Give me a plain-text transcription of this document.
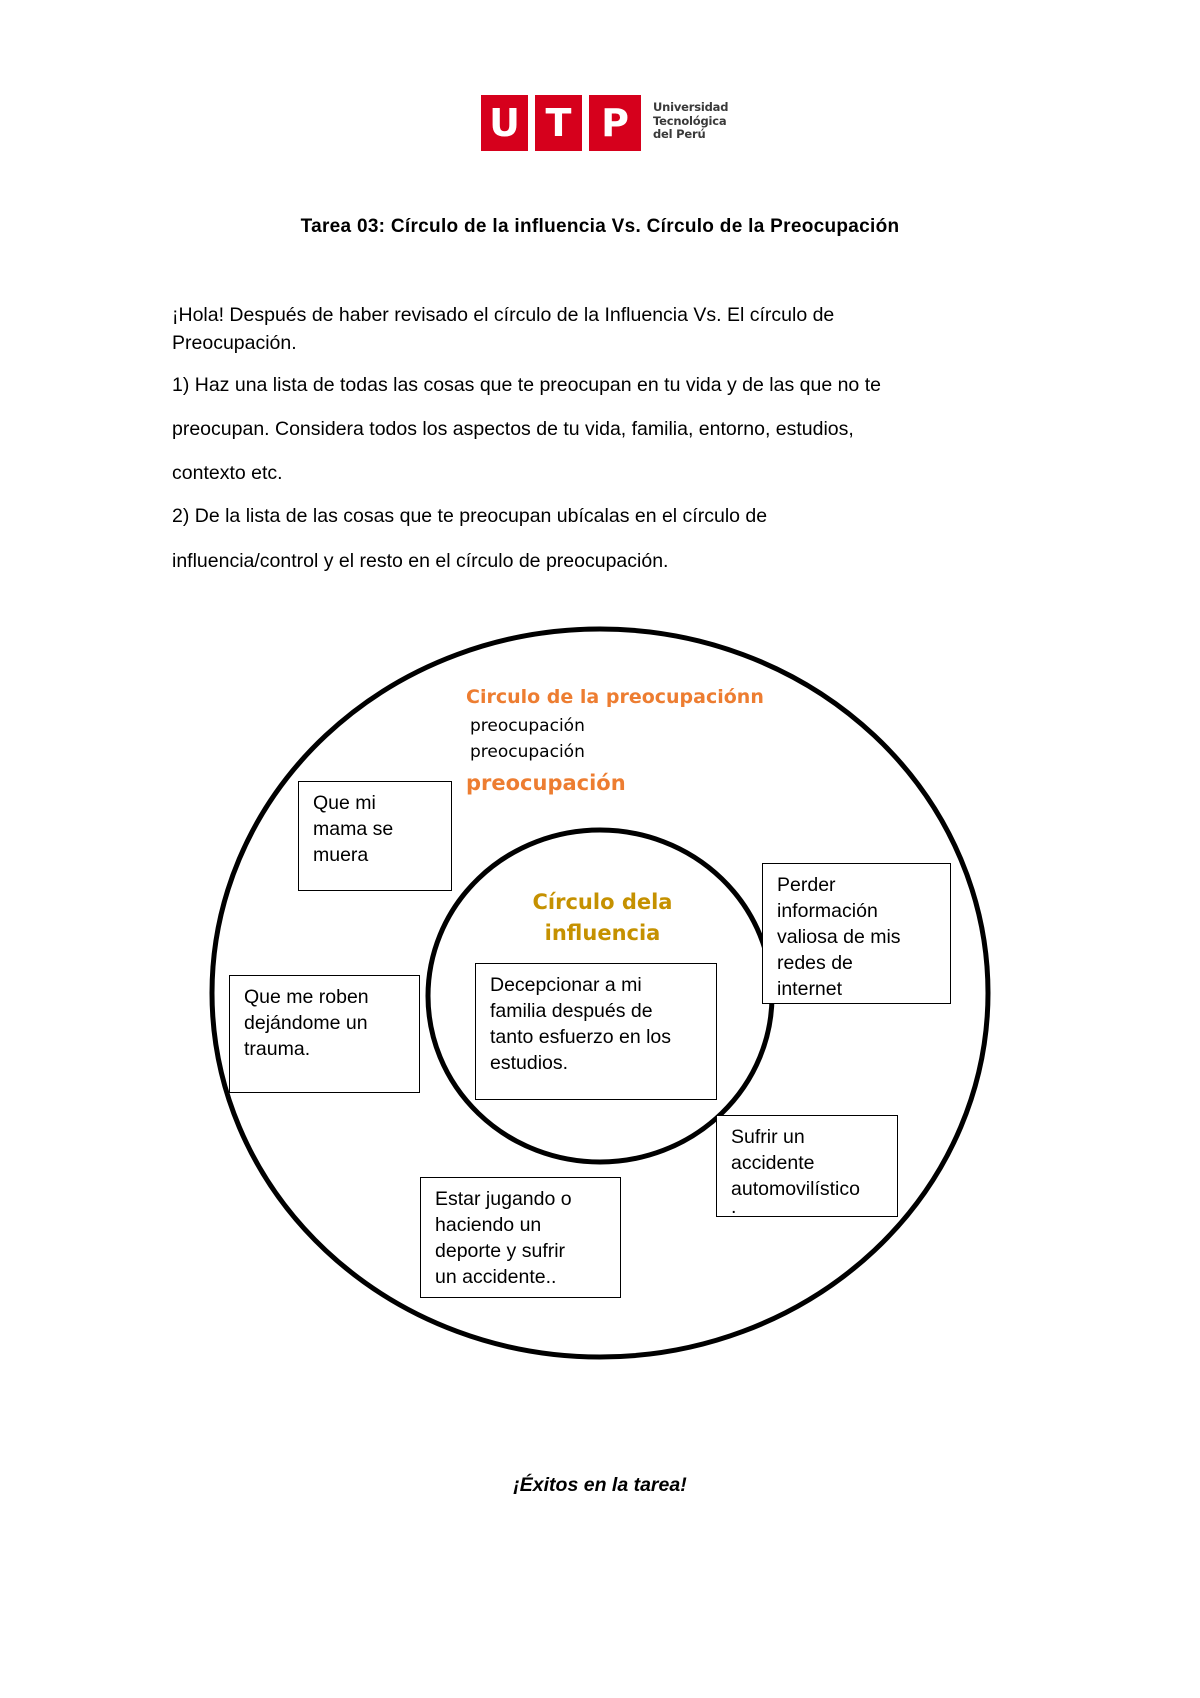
U T P	Universidad
Tecnológica
del Perú
Tarea 03: Círculo de la influencia Vs. Círculo de la Preocupación
¡Hola! Después de haber revisado el círculo de la Influencia Vs. El círculo de
Preocupación.
1) Haz una lista de todas las cosas que te preocupan en tu vida y de las que no te
preocupan. Considera todos los aspectos de tu vida, familia, entorno, estudios,
contexto etc.
2) De la lista de las cosas que te preocupan ubícalas en el círculo de
influencia/control y el resto en el círculo de preocupación.
Circulo de la preocupaciónn
preocupación
preocupación
preocupación
Círculo dela
influencia
Decepcionar a mi
familia después de
tanto esfuerzo en los
estudios.
Que mi
mama se
muera
Que me roben
dejándome un
trauma.
Perder
información
valiosa de mis
redes de
internet
Sufrir un
accidente
automovilístico
.
Estar jugando o
haciendo un
deporte y sufrir
un accidente..
¡Éxitos en la tarea!
